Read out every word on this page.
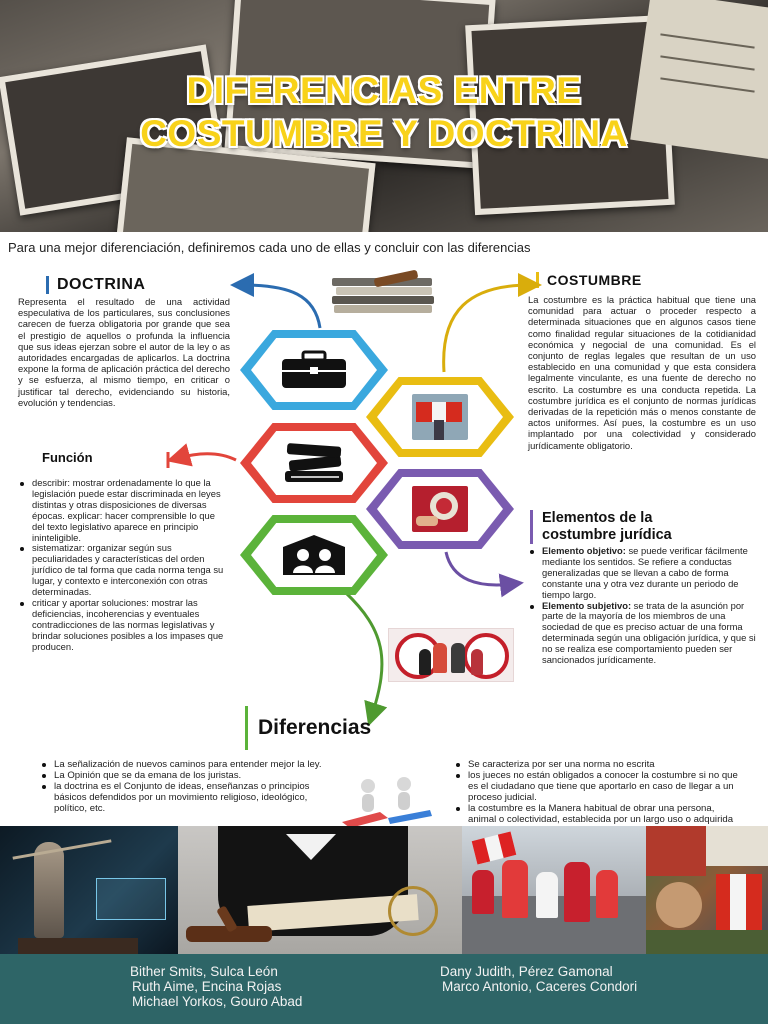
DIFERENCIAS ENTRE
COSTUMBRE Y DOCTRINA
Para una mejor diferenciación, definiremos cada uno de ellas y concluir con las diferencias
DOCTRINA
Representa el resultado de una actividad especulativa de los particulares, sus conclusiones carecen de fuerza obligatoria por grande que sea el prestigio de aquellos o profunda la influencia que sus ideas ejerzan sobre el autor de la ley o as autoridades encargadas de aplicarlos. La doctrina expone la forma de aplicación práctica del derecho y se esfuerza, al mismo tiempo, en criticar o justificar tal derecho, evidenciando su historia, evolución y tendencias.
Función
describir: mostrar ordenadamente lo que la legislación puede estar discriminada en leyes distintas y otras disposiciones de diversas épocas. explicar: hacer comprensible lo que del texto legislativo aparece en principio ininteligible.
sistematizar: organizar según sus peculiaridades y características del orden jurídico de tal forma que cada norma tenga su lugar, y contexto e interconexión con otras determinadas.
criticar y aportar soluciones: mostrar las deficiencias, incoherencias y eventuales contradicciones de las normas legislativas y brindar soluciones posibles a los impases que producen.
COSTUMBRE
La costumbre es la práctica habitual que tiene una comunidad para actuar o proceder respecto a determinada situaciones que en algunos casos tiene como finalidad regular situaciones de la cotidianidad económica y negocial de una comunidad. Es el conjunto de reglas legales que resultan de un uso establecido en una comunidad y que esta considera legalmente vinculante, es una fuente de derecho no escrito. La costumbre es una conducta repetida. La costumbre jurídica es el conjunto de normas jurídicas derivadas de la repetición más o menos constante de actos uniformes. Así pues, la costumbre es un uso implantado por una colectividad y considerado jurídicamente obligatorio.
Elementos de la
costumbre jurídica
Elemento objetivo: se puede verificar fácilmente mediante los sentidos. Se refiere a conductas generalizadas que se llevan a cabo de forma constante una y otra vez durante un periodo de tiempo largo.
Elemento subjetivo: se trata de la asunción por parte de la mayoría de los miembros de una sociedad de que es preciso actuar de una forma determinada según una obligación jurídica, y que si no se realiza ese comportamiento pueden ser sancionados jurídicamente.
Diferencias
La señalización de nuevos caminos para entender mejor la ley.
La Opinión que se da emana de los juristas.
la doctrina es el Conjunto de ideas, enseñanzas o principios básicos defendidos por un movimiento religioso, ideológico, político, etc.
Se caracteriza por ser una norma no escrita
los jueces no están obligados a conocer la costumbre si no que es el ciudadano que tiene que aportarlo en caso de llegar a un proceso judicial.
la costumbre es la Manera habitual de obrar una persona, animal o colectividad, establecida por un largo uso o adquirida
Bither Smits, Sulca León
Ruth Aime, Encina Rojas
Michael Yorkos, Gouro Abad
Dany Judith, Pérez Gamonal
Marco Antonio, Caceres Condori
